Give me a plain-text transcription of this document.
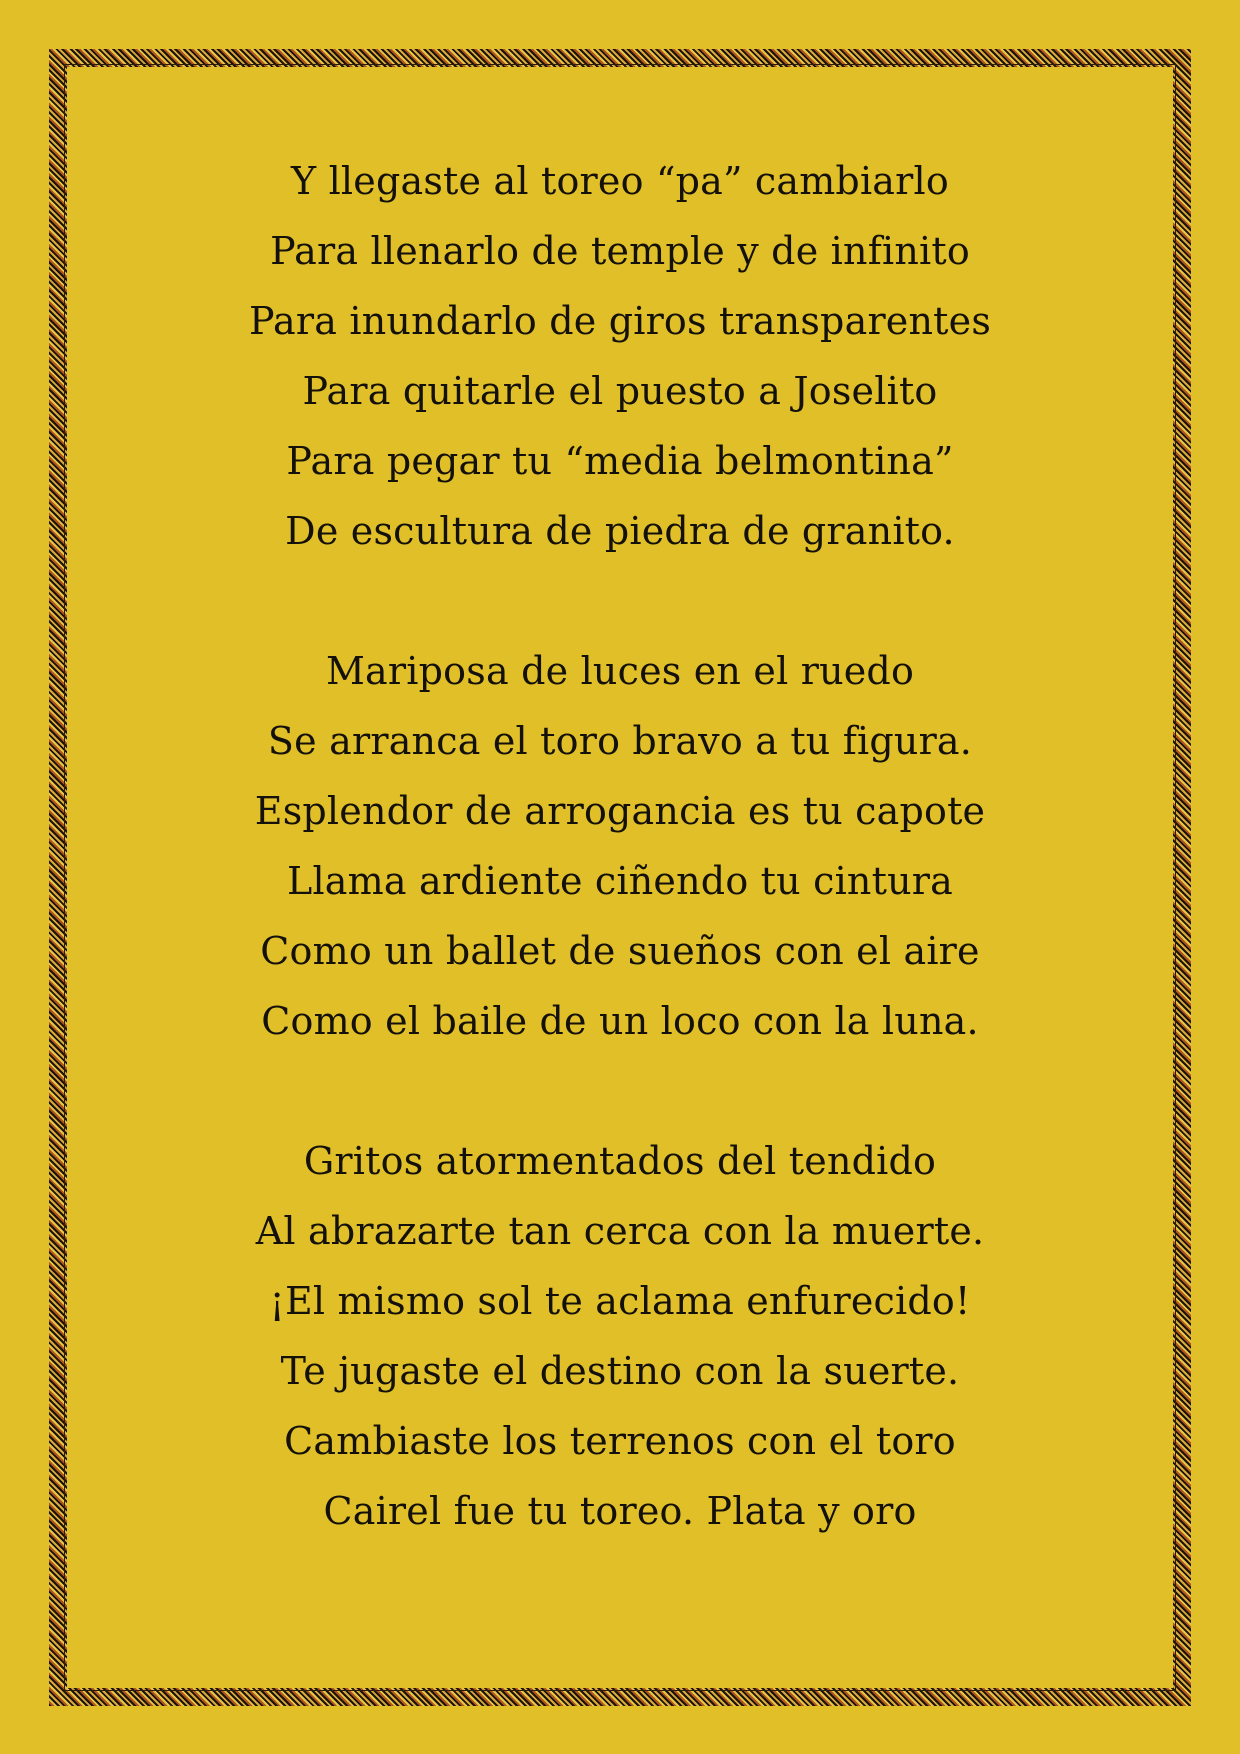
Y llegaste al toreo “pa” cambiarlo
Para llenarlo de temple y de infinito
Para inundarlo de giros transparentes
Para quitarle el puesto a Joselito
Para pegar tu “media belmontina”
De escultura de piedra de granito.
Mariposa de luces en el ruedo
Se arranca el toro bravo a tu figura.
Esplendor de arrogancia es tu capote
Llama ardiente ciñendo tu cintura
Como un ballet de sueños con el aire
Como el baile de un loco con la luna.
Gritos atormentados del tendido
Al abrazarte tan cerca con la muerte.
¡El mismo sol te aclama enfurecido!
Te jugaste el destino con la suerte.
Cambiaste los terrenos con el toro
Cairel fue tu toreo. Plata y oro
